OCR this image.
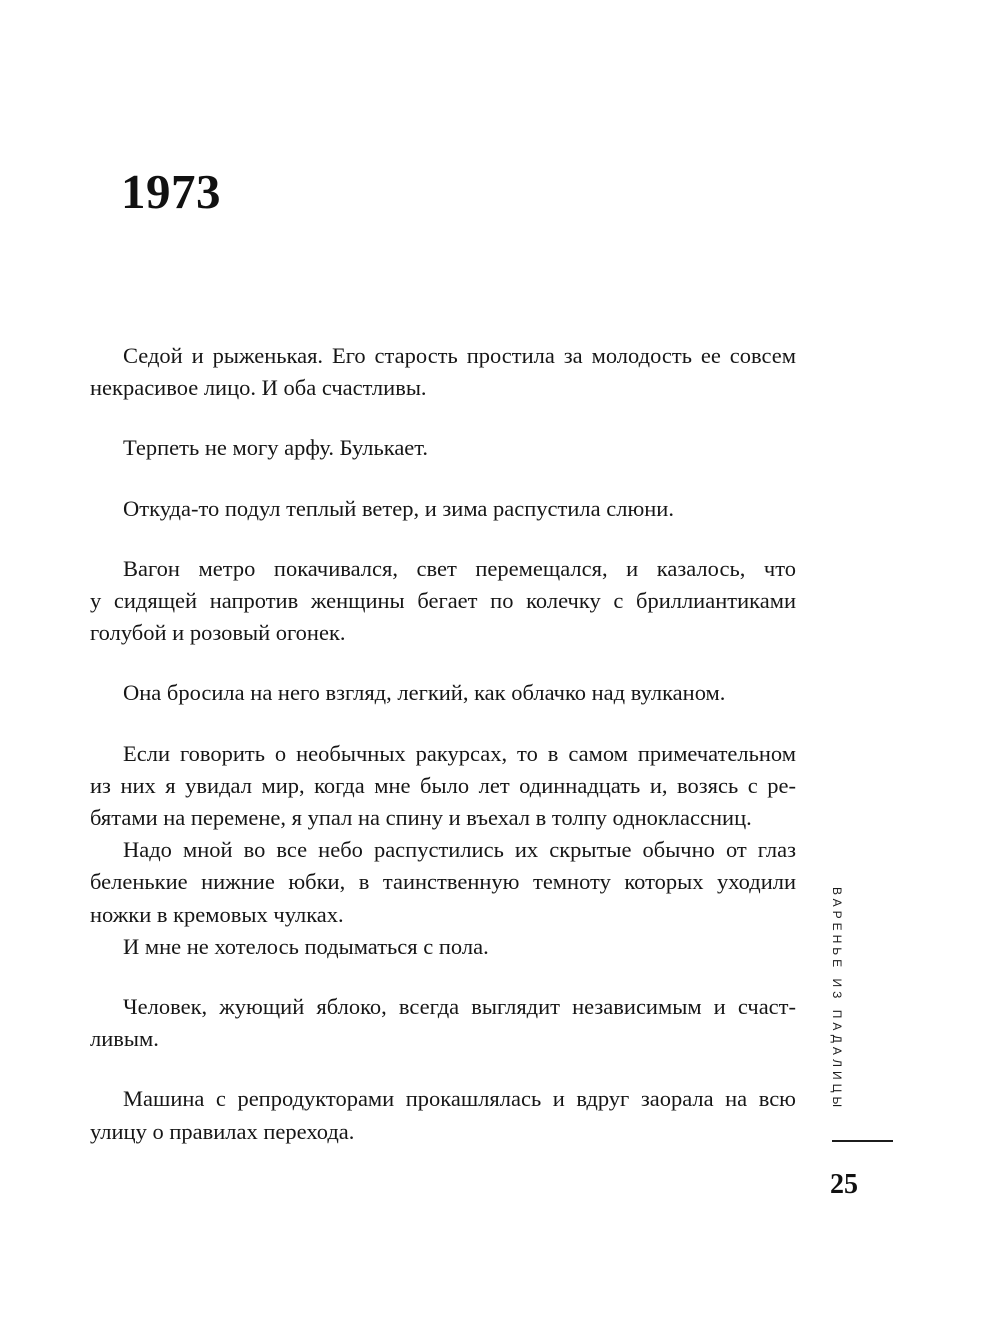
1973
Седой и рыженькая. Его старость простила за молодость ее совсем
некрасивое лицо. И оба счастливы.
Терпеть не могу арфу. Булькает.
Откуда-то подул теплый ветер, и зима распустила слюни.
Вагон метро покачивался, свет перемещался, и казалось, что
у сидящей напротив женщины бегает по колечку с бриллиантиками
голубой и розовый огонек.
Она бросила на него взгляд, легкий, как облачко над вулканом.
Если говорить о необычных ракурсах, то в самом примечательном
из них я увидал мир, когда мне было лет одиннадцать и, возясь с ре-
бятами на перемене, я упал на спину и въехал в толпу одноклассниц.
Надо мной во все небо распустились их скрытые обычно от глаз
беленькие нижние юбки, в таинственную темноту которых уходили
ножки в кремовых чулках.
И мне не хотелось подыматься с пола.
Человек, жующий яблоко, всегда выглядит независимым и счаст-
ливым.
Машина с репродукторами прокашлялась и вдруг заорала на всю
улицу о правилах перехода.
ВАРЕНЬЕ ИЗ ПАДАЛИЦЫ
25
